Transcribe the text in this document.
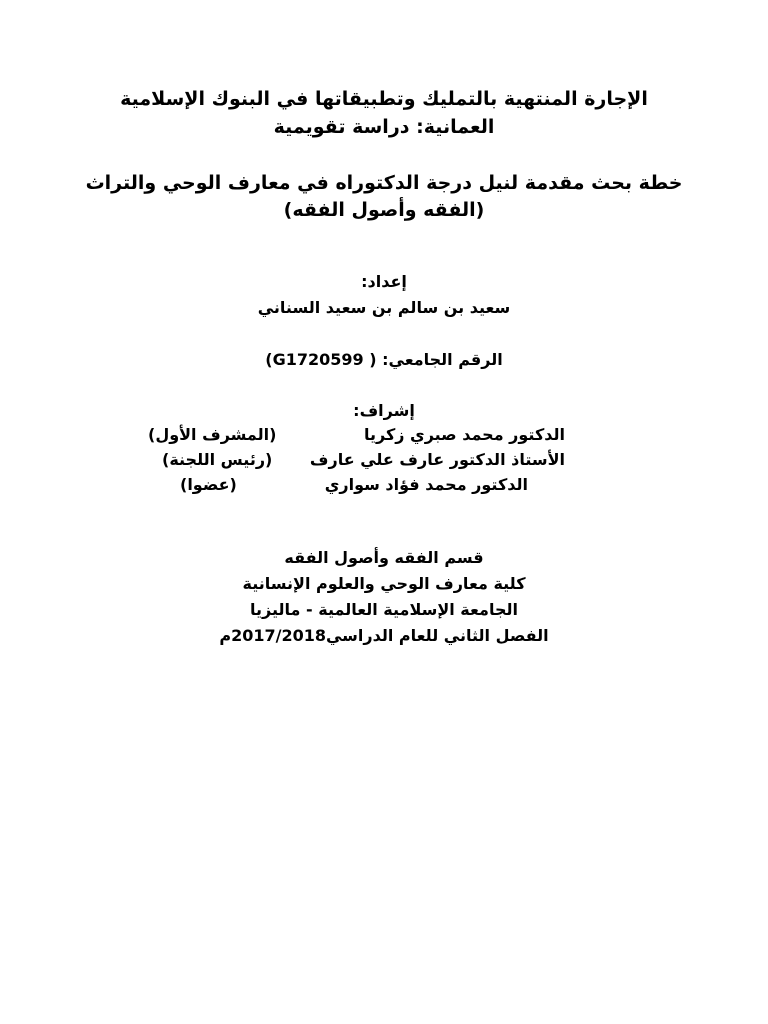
الإجارة المنتهية بالتمليك وتطبيقاتها في البنوك الإسلامية
العمانية: دراسة تقويمية
خطة بحث مقدمة لنيل درجة الدكتوراه في معارف الوحي والتراث
(الفقه وأصول الفقه)
إعداد:
سعيد بن سالم بن سعيد السناني
الرقم الجامعي: ( G1720599)
إشراف:
الدكتور محمد صبري زكريا
(المشرف الأول)
الأستاذ الدكتور عارف علي عارف
(رئيس اللجنة)
الدكتور محمد فؤاد سواري
(عضوا)
قسم الفقه وأصول الفقه
كلية معارف الوحي والعلوم الإنسانية
الجامعة الإسلامية العالمية - ماليزيا
الفصل الثاني للعام الدراسي2017/2018م
